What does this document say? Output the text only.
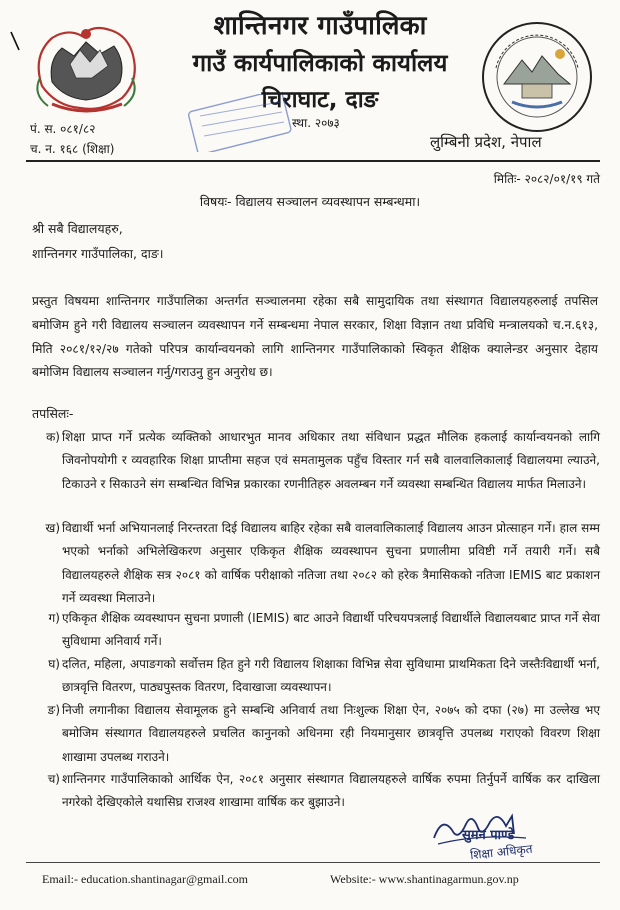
शान्तिनगर गाउँपालिका
गाउँ कार्यपालिकाको कार्यालय
चिराघाट, दाङ
स्था. २०७३
लुम्बिनी प्रदेश, नेपाल
पं. स. ०८१/८२
च. न. १६८ (शिक्षा)
मितिः- २०८२/०१/१९ गते
विषयः- विद्यालय सञ्चालन व्यवस्थापन सम्बन्धमा।
श्री सबै विद्यालयहरु,
शान्तिनगर गाउँपालिका, दाङ।
प्रस्तुत विषयमा शान्तिनगर गाउँपालिका अन्तर्गत सञ्चालनमा रहेका सबै सामुदायिक तथा संस्थागत विद्यालयहरुलाई तपसिल बमोजिम हुने गरी विद्यालय सञ्चालन व्यवस्थापन गर्ने सम्बन्धमा नेपाल सरकार, शिक्षा विज्ञान तथा प्रविधि मन्त्रालयको च.न.६१३, मिति २०८१/१२/२७ गतेको परिपत्र कार्यान्वयनको लागि शान्तिनगर गाउँपालिकाको स्विकृत शैक्षिक क्यालेन्डर अनुसार देहाय बमोजिम विद्यालय सञ्चालन गर्नु/गराउनु हुन अनुरोध छ।
तपसिलः-
क) शिक्षा प्राप्त गर्ने प्रत्येक व्यक्तिको आधारभुत मानव अधिकार तथा संविधान प्रद्धत मौलिक हकलाई कार्यान्वयनको लागि जिवनोपयोगी र व्यवहारिक शिक्षा प्राप्तीमा सहज एवं समतामुलक पहुँच विस्तार गर्न सबै वालवालिकालाई विद्यालयमा ल्याउने, टिकाउने र सिकाउने संग सम्बन्धित विभिन्न प्रकारका रणनीतिहरु अवलम्बन गर्ने व्यवस्था सम्बन्धित विद्यालय मार्फत मिलाउने।
ख) विद्यार्थी भर्ना अभियानलाई निरन्तरता दिई विद्यालय बाहिर रहेका सबै वालवालिकालाई विद्यालय आउन प्रोत्साहन गर्ने। हाल सम्म भएको भर्नाको अभिलेखिकरण अनुसार एकिकृत शैक्षिक व्यवस्थापन सुचना प्रणालीमा प्रविष्टी गर्ने तयारी गर्ने। सबै विद्यालयहरुले शैक्षिक सत्र २०८१ को वार्षिक परीक्षाको नतिजा तथा २०८२ को हरेक त्रैमासिकको नतिजा IEMIS बाट प्रकाशन गर्ने व्यवस्था मिलाउने।
ग) एकिकृत शैक्षिक व्यवस्थापन सुचना प्रणाली (IEMIS) बाट आउने विद्यार्थी परिचयपत्रलाई विद्यार्थीले विद्यालयबाट प्राप्त गर्ने सेवा सुविधामा अनिवार्य गर्ने।
घ) दलित, महिला, अपाङगको सर्वोत्तम हित हुने गरी विद्यालय शिक्षाका विभिन्न सेवा सुविधामा प्राथमिकता दिने जस्तैःविद्यार्थी भर्ना, छात्रवृत्ति वितरण, पाठ्यपुस्तक वितरण, दिवाखाजा व्यवस्थापन।
ङ) निजी लगानीका विद्यालय सेवामूलक हुने सम्बन्धि अनिवार्य तथा निःशुल्क शिक्षा ऐन, २०७५ को दफा (२७) मा उल्लेख भए बमोजिम संस्थागत विद्यालयहरुले प्रचलित कानुनको अधिनमा रही नियमानुसार छात्रवृत्ति उपलब्ध गराएको विवरण शिक्षा शाखामा उपलब्ध गराउने।
च) शान्तिनगर गाउँपालिकाको आर्थिक ऐन, २०८१ अनुसार संस्थागत विद्यालयहरुले वार्षिक रुपमा तिर्नुपर्ने वार्षिक कर दाखिला नगरेको देखिएकोले यथासिघ्र राजश्व शाखामा वार्षिक कर बुझाउने।
सुमन पाण्डे
शिक्षा अधिकृत
Email:- education.shantinagar@gmail.com	Website:- www.shantinagarmun.gov.np
